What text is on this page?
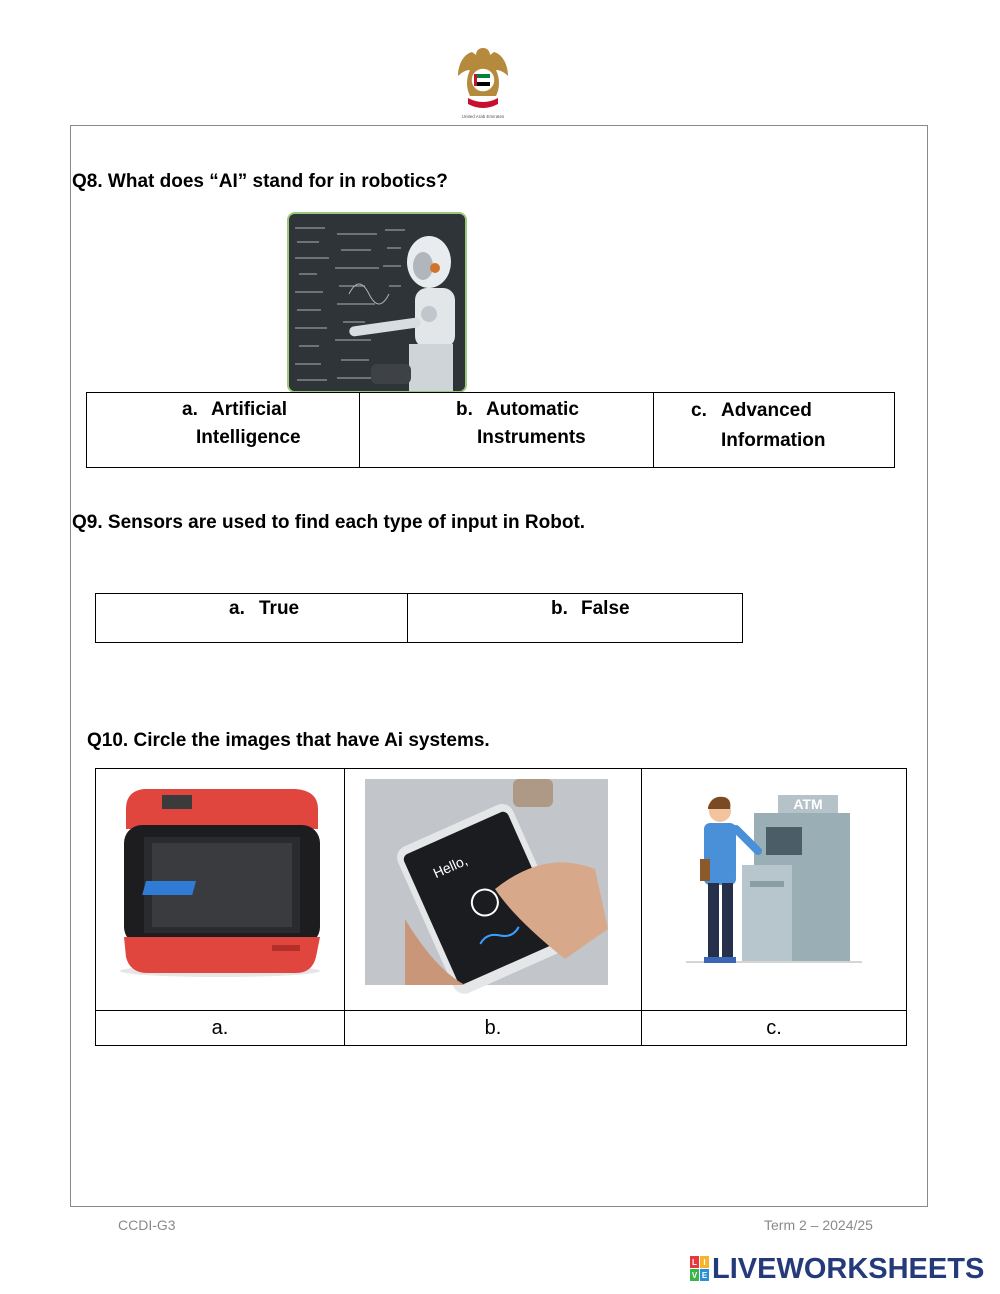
United Arab Emirates
Q8. What does “AI” stand for in robotics?
a. Artificial
Intelligence

b. Automatic
Instruments

c. Advanced
Information
Q9. Sensors are used to find each type of input in Robot.
a. True	b. False
Q10. Circle the images that have Ai systems.

Hello,	ATM

a.	b.	c.
CCDI-G3	Term 2 – 2024/25
L I
V E LIVEWORKSHEETS
